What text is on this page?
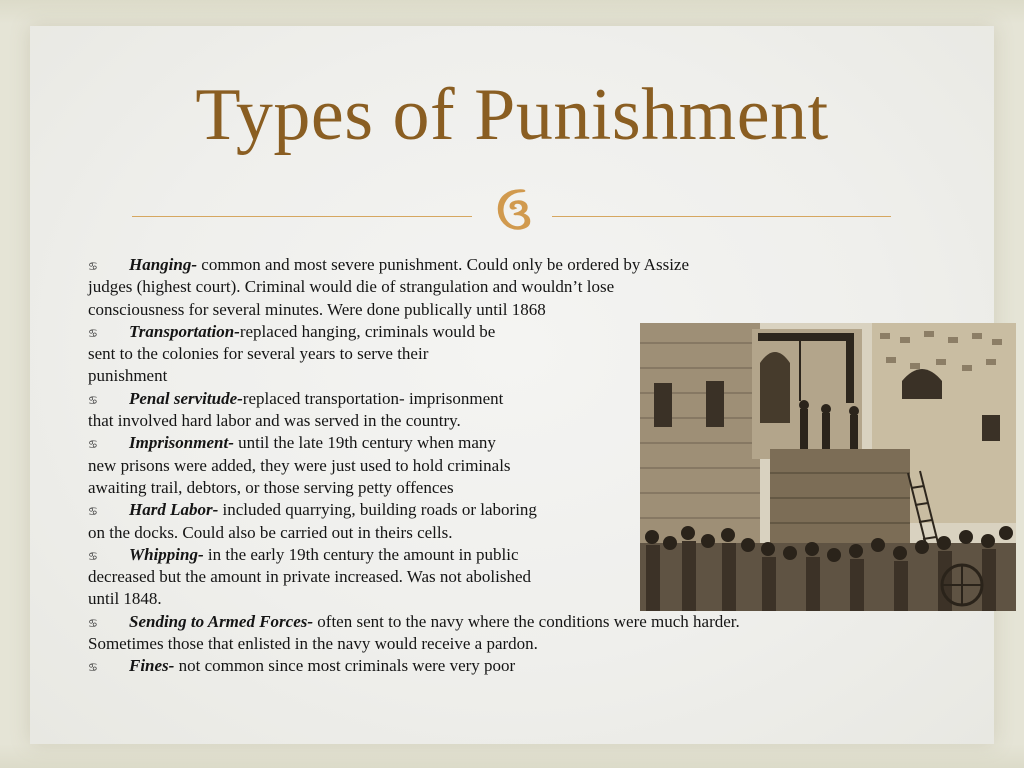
Types of Punishment
ઉ
♋ Hanging- common and most severe punishment. Could only be ordered by Assize
judges (highest court). Criminal would die of strangulation and wouldn’t lose
consciousness for several minutes. Were done publically until 1868
♋ Transportation-replaced hanging, criminals would be
sent to the colonies for several years to serve their
punishment
♋ Penal servitude-replaced transportation- imprisonment
that involved hard labor and was served in the country.
♋ Imprisonment- until the late 19th century when many
new prisons were added, they were just used to hold criminals
awaiting trail, debtors, or those serving petty offences
♋ Hard Labor- included quarrying, building roads or laboring
on the docks. Could also be carried out in theirs cells.
♋ Whipping- in the early 19th century the amount in public
decreased but the amount in private increased. Was not abolished
until 1848.
♋ Sending to Armed Forces- often sent to the navy where the conditions were much harder.
Sometimes those that enlisted in the navy would receive a pardon.
♋ Fines- not common since most criminals were very poor
